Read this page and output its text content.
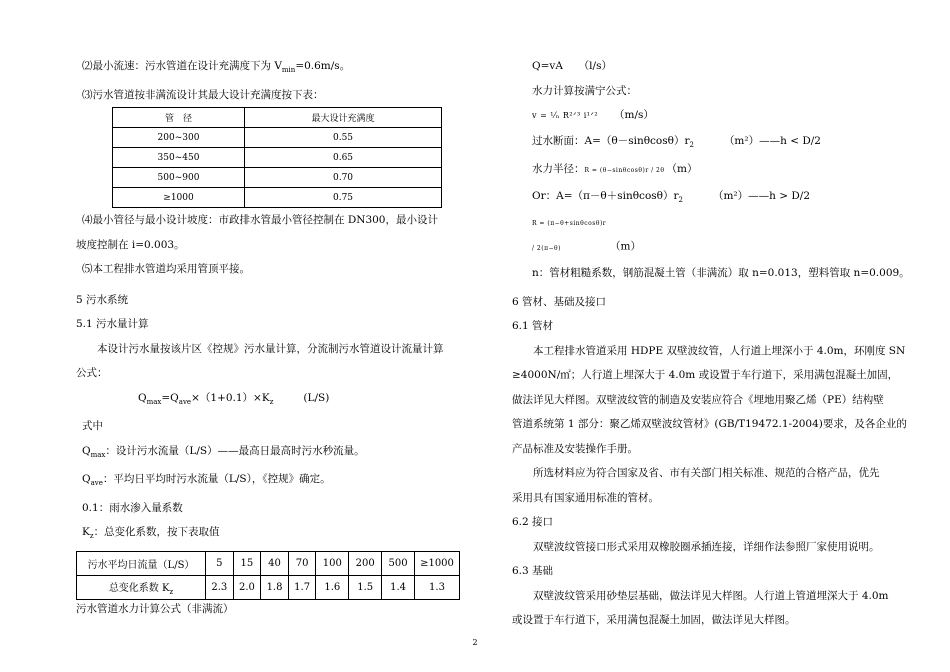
⑵最小流速：污水管道在设计充满度下为 $V_{min}=0.6m/s$。

⑶污水管道按非满流设计其最大设计充满度按下表：

管　径	最大设计充满度
200~300	0.55
350~450	0.65
500~900	0.70
≥1000	0.75

⑷最小管径与最小设计坡度：市政排水管最小管径控制在 DN300，最小设计

坡度控制在 i=0.003。

⑸本工程排水管道均采用管顶平接。

5 污水系统

5.1 污水量计算

本设计污水量按该片区《控规》污水量计算，分流制污水管道设计流量计算

公式：

$Q_{max}=Q_{ave}\times(1+0.1)\times K_z$	(L/S)

式中

$Q_{max}$：设计污水流量（L/S）——最高日最高时污水秒流量。

$Q_{ave}$：平均日平均时污水流量（L/S），《控规》确定。

0.1：雨水渗入量系数

$K_z$：总变化系数，按下表取值

污水平均日流量（L/S）	5	15	40	70	100	200	500	≥1000
总变化系数 $K_z$	2.3	2.0	1.8	1.7	1.6	1.5	1.4	1.3

污水管道水力计算公式（非满流）

Q=vA　　（l/s）

水力计算按满宁公式：

v = ¹⁄ₙ R²ᐟ³ i¹ᐟ² （m/s）

过水断面：$A=(\theta-\sin\theta\cos\theta)r_2$	（m²）——h < D/2

水力半径：R = (θ−sinθcosθ)r / 2θ （m）

Or：$A=(\pi-\theta+\sin\theta\cos\theta)r_2$	（m²）——h > D/2

R = (π−θ+sinθcosθ)r / 2(π−θ)	（m）

n：管材粗糙系数，钢筋混凝土管（非满流）取 n=0.013，塑料管取 n=0.009。

6 管材、基础及接口

6.1 管材

本工程排水管道采用 HDPE 双壁波纹管，人行道上埋深小于 4.0m，环刚度 SN

≥4000N/㎡；人行道上埋深大于 4.0m 或设置于车行道下，采用满包混凝土加固，

做法详见大样图。双壁波纹管的制造及安装应符合《埋地用聚乙烯（PE）结构壁

管道系统第 1 部分：聚乙烯双壁波纹管材》(GB/T19472.1-2004)要求，及各企业的

产品标准及安装操作手册。

所选材料应为符合国家及省、市有关部门相关标准、规范的合格产品，优先

采用具有国家通用标准的管材。

6.2 接口

双壁波纹管接口形式采用双橡胶圈承插连接，详细作法参照厂家使用说明。

6.3 基础

双壁波纹管采用砂垫层基础，做法详见大样图。人行道上管道埋深大于 4.0m

或设置于车行道下，采用满包混凝土加固，做法详见大样图。

2
